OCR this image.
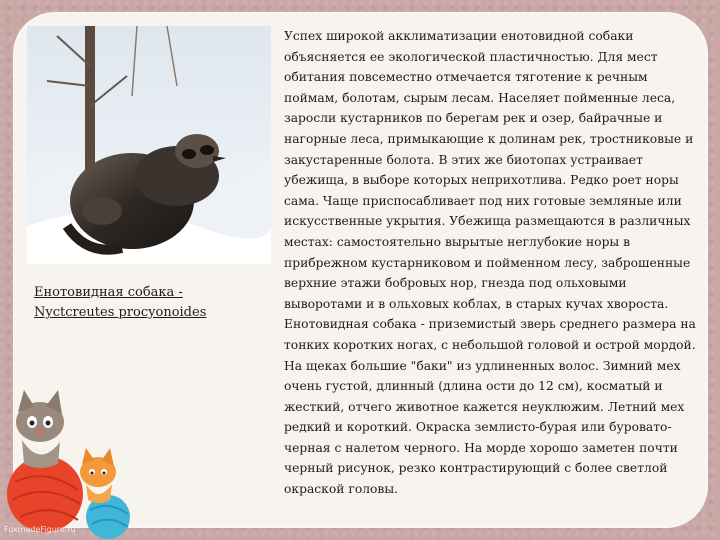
Енотовидная собака - Nyctcreutes procyonoides

Успех широкой акклиматизации енотовидной собаки объясняется ее экологической пластичностью. Для мест обитания повсеместно отмечается тяготение к речным поймам, болотам, сырым лесам. Населяет пойменные леса, заросли кустарников по берегам рек и озер, байрачные и нагорные леса, примыкающие к долинам рек, тростниковые и закустаренные болота. В этих же биотопах устраивает убежища, в выборе которых неприхотлива. Редко роет норы сама. Чаще приспосабливает под них готовые земляные или искусственные укрытия. Убежища размещаются в различных местах: самостоятельно вырытые неглубокие норы в прибрежном кустарниковом и пойменном лесу, заброшенные верхние этажи бобровых нор, гнезда под ольховыми выворотами и в ольховых коблах, в старых кучах хвороста.

Енотовидная собака - приземистый зверь среднего размера на тонких коротких ногах, с небольшой головой и острой мордой. На щеках большие "баки" из удлиненных волос. Зимний мех очень густой, длинный (длина ости до 12 см), косматый и жесткий, отчего животное кажется неуклюжим. Летний мех редкий и короткий. Окраска землисто-бурая или буровато-черная с налетом черного. На морде хорошо заметен почти черный рисунок, резко контрастирующий с более светлой окраской головы.

FoxmadeFigure.ru
